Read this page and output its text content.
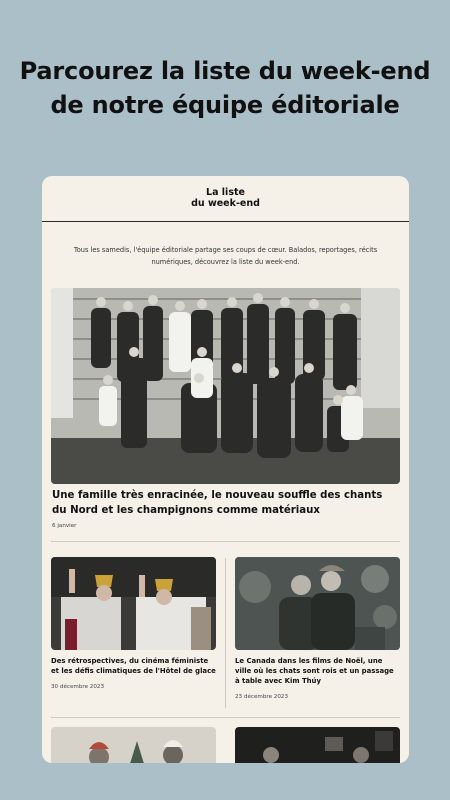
Parcourez la liste du week-end
de notre équipe éditoriale
La liste
du week-end
Tous les samedis, l'équipe éditoriale partage ses coups de cœur. Balados, reportages, récits numériques, découvrez la liste du week-end.
Une famille très enracinée, le nouveau souffle des chants du Nord et les champignons comme matériaux
6 janvier
Des rétrospectives, du cinéma féministe et les défis climatiques de l'Hôtel de glace
30 décembre 2023
Le Canada dans les films de Noël, une ville où les chats sont rois et un passage à table avec Kim Thúy
23 décembre 2023
